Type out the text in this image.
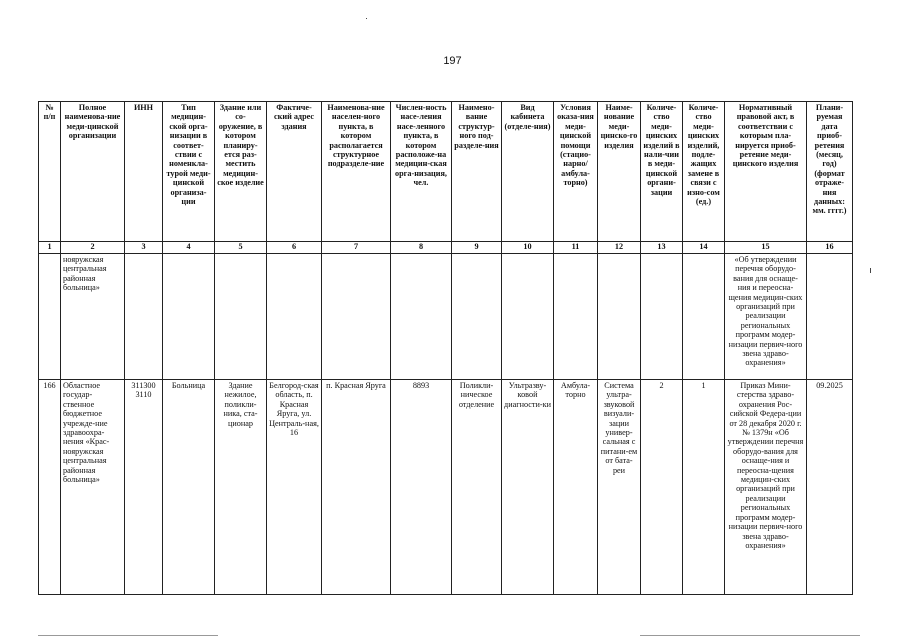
197
№ п/п	Полное наименова-ние меди-цинской организации	ИНН	Тип медицин-ской орга-низации в соответ-ствии с номенкла-турой меди-цинской организа-ции	Здание или со-оружение, в котором планиру-ется раз-местить медицин-ское изделие	Фактиче-ский адрес здания	Наименова-ние населен-ного пункта, в котором располагается структурное подразделе-ние	Числен-ность насе-ления насе-ленного пункта, в котором расположе-на медицин-ская орга-низация, чел.	Наимено-вание структур-ного под-разделе-ния	Вид кабинета (отделе-ния)	Условия оказа-ния меди-цинской помощи (стацио-нарно/ амбула-торно)	Наиме-нование меди-цинско-го изделия	Количе-ство меди-цинских изделий в нали-чии в меди-цинской органи-зации	Количе-ство меди-цинских изделий, подле-жащих замене в связи с изно-сом (ед.)	Нормативный правовой акт, в соответствии с которым пла-нируется приоб-ретение меди-цинского изделия	Плани-руемая дата приоб-ретения (месяц, год) (формат отраже-ния данных: мм. гггг.)
1	2	3	4	5	6	7	8	9	10	11	12	13	14	15	16
	нояружская центральная районная больница»													«Об утверждении перечня оборудо-вания для оснаще-ния и переосна-щения медицин-ских организаций при реализации региональных программ модер-низации первич-ного звена здраво-охранения»	
166	Областное государ-ственное бюджетное учрежде-ние здравоохра-нения «Крас-нояружская центральная районная больница»	311300 3110	Больница	Здание нежилое, поликли-ника, ста-ционар	Белгород-ская область, п. Красная Яруга, ул. Централь-ная, 16	п. Красная Яруга	8893	Поликли-ническое отделение	Ультразву-ковой диагности-ки	Амбула-торно	Система ультра-звуковой визуали-зации универ-сальная с питани-ем от бата-реи	2	1	Приказ Мини-стерства здраво-охранения Рос-сийской Федера-ции от 28 декабря 2020 г. № 1379н «Об утверждении перечня оборудо-вания для оснаще-ния и переосна-щения медицин-ских организаций при реализации региональных программ модер-низации первич-ного звена здраво-охранения»	09.2025
